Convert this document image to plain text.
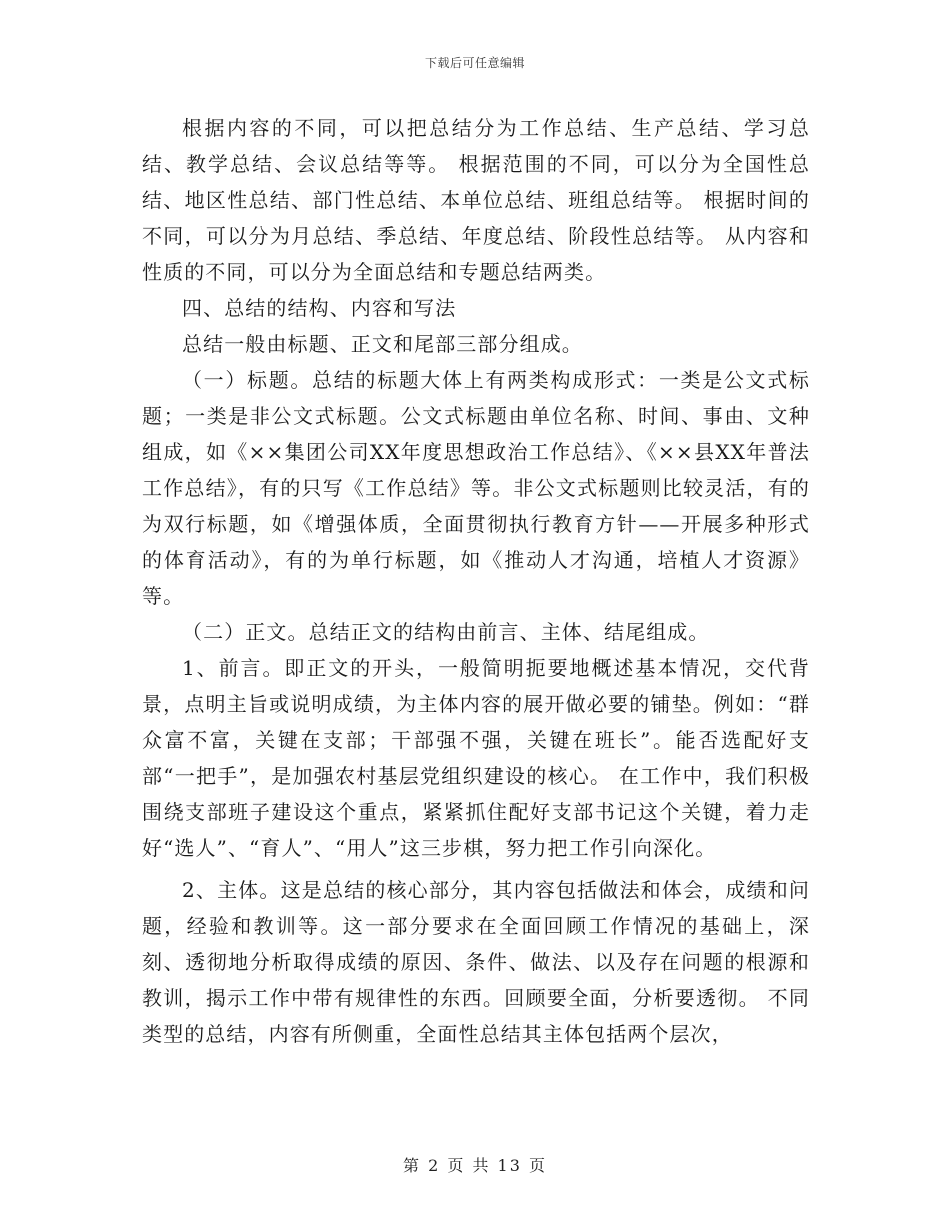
下载后可任意编辑

根据内容的不同，可以把总结分为工作总结、生产总结、学习总结、教学总结、会议总结等等。 根据范围的不同，可以分为全国性总结、地区性总结、部门性总结、本单位总结、班组总结等。 根据时间的不同，可以分为月总结、季总结、年度总结、阶段性总结等。 从内容和性质的不同，可以分为全面总结和专题总结两类。

四、总结的结构、内容和写法

总结一般由标题、正文和尾部三部分组成。

（一）标题。总结的标题大体上有两类构成形式：一类是公文式标题；一类是非公文式标题。公文式标题由单位名称、时间、事由、文种组成，如《××集团公司XX年度思想政治工作总结》、《××县XX年普法工作总结》，有的只写《工作总结》等。非公文式标题则比较灵活，有的为双行标题，如《增强体质，全面贯彻执行教育方针——开展多种形式的体育活动》，有的为单行标题，如《推动人才沟通，培植人才资源》等。

（二）正文。总结正文的结构由前言、主体、结尾组成。

1、前言。即正文的开头，一般简明扼要地概述基本情况，交代背景，点明主旨或说明成绩，为主体内容的展开做必要的铺垫。例如：“群众富不富，关键在支部；干部强不强，关键在班长”。能否选配好支部“一把手”，是加强农村基层党组织建设的核心。 在工作中，我们积极围绕支部班子建设这个重点，紧紧抓住配好支部书记这个关键，着力走好“选人”、“育人”、“用人”这三步棋，努力把工作引向深化。

2、主体。这是总结的核心部分，其内容包括做法和体会，成绩和问题，经验和教训等。这一部分要求在全面回顾工作情况的基础上，深刻、透彻地分析取得成绩的原因、条件、做法、以及存在问题的根源和教训，揭示工作中带有规律性的东西。回顾要全面，分析要透彻。 不同类型的总结，内容有所侧重，全面性总结其主体包括两个层次，

第 2 页 共 13 页
